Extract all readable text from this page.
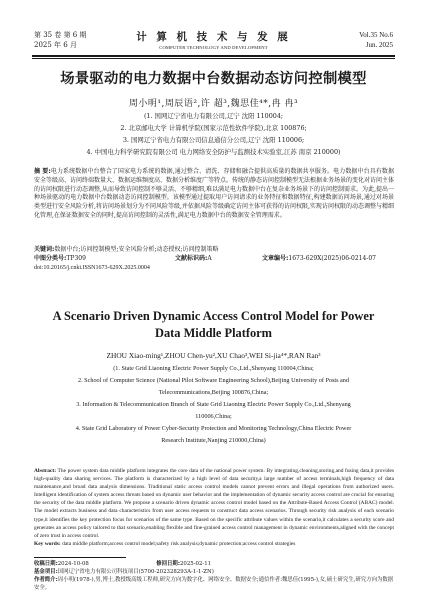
第 35 卷 第 6 期
2025 年 6 月
计 算 机 技 术 与 发 展
COMPUTER TECHNOLOGY AND DEVELOPMENT
Vol.35 No.6
Jun. 2025
场景驱动的电力数据中台数据动态访问控制模型
周小明¹,周辰语²,许 超³,魏思佳⁴*,冉 冉³
(1. 国网辽宁省电力有限公司,辽宁 沈阳 110004;
2. 北京邮电大学 计算机学院(国家示范性软件学院),北京 100876;
3. 国网辽宁省电力有限公司信息通信分公司,辽宁 沈阳 110006;
4. 中国电力科学研究院有限公司 电力网络安全防护与监测技术实验室,江苏 南京 210000)
摘 要:电力系统数据中台整合了国家电力系统的数据,通过整合、清洗、存储和融合提供高质量的数据共享服务。电力数据中台具有数据安全等级高、访问终端数量大、数据运维频度高、数据分析维度广等特点。传统的静态访问控制模型无法根据业务场景的变化对访问主体的访问权限进行动态调整,从而导致访问控制不够灵活、不够精细,难以满足电力数据中台在复杂业务场景下的访问控制需求。为此,提出一种场景驱动的电力数据中台数据动态访问控制模型。该模型通过提取用户访问请求的业务特征和数据特征,构建数据访问场景,通过对场景类型进行安全风险分析,将访问场景划分为不同风险等级,并依据风险等级确定访问主体可获得的访问权限,实现访问权限的动态调整与精细化管理,在保证数据安全的同时,提高访问控制的灵活性,满足电力数据中台的数据安全管理需求。
关键词:数据中台;访问控制模型;安全风险分析;动态授权;访问控制策略
中图分类号:TP309	文献标识码:A	文章编号:1673-629X(2025)06-0214-07
doi:10.20165/j.cnki.ISSN1673-629X.2025.0004
A Scenario Driven Dynamic Access Control Model for Power
Data Middle Platform
ZHOU Xiao-ming¹,ZHOU Chen-yu²,XU Chao³,WEI Si-jia⁴*,RAN Ran³
(1. State Grid Liaoning Electric Power Supply Co.,Ltd.,Shenyang 110004,China;
2. School of Computer Science (National Pilot Software Engineering School),Beijing University of Posts and
Telecommunications,Beijing 100876,China;
3. Information & Telecommunication Branch of State Grid Liaoning Electric Power Supply Co.,Ltd.,Shenyang
110006,China;
4. State Grid Laboratory of Power Cyber-Security Protection and Monitoring Technology,China Electric Power
Research Institute,Nanjing 210000,China)
Abstract: The power system data middle platform integrates the core data of the national power system. By integrating,cleaning,storing,and fusing data,it provides high-quality data sharing services. The platform is characterized by a high level of data security,a large number of access terminals,high frequency of data maintenance,and broad data analysis dimensions. Traditional static access control models cannot prevent errors and illegal operations from authorized users. Intelligent identification of system access threats based on dynamic user behavior and the implementation of dynamic security access control are crucial for ensuring the security of the data middle platform. We propose a scenario driven dynamic access control model based on the Attribute-Based Access Control (ABAC) model. The model extracts business and data characteristics from user access requests to construct data access scenarios. Through security risk analysis of each scenario type,it identifies the key protection focus for scenarios of the same type. Based on the specific attribute values within the scenario,it calculates a security score and generates an access policy tailored to that scenario,enabling flexible and fine-grained access control management in dynamic environments,aligned with the concept of zero trust in access control.
Key words: data middle platform;access control model;safety risk analysis;dynamic protection;access control strategies
收稿日期:2024-10-08	修回日期:2025-02-11
基金项目:国网辽宁省电力有限公司科技项目(5700-202328293A-1-1-ZN)
作者简介:周小明(1978-),男,博士,教授级高级工程师,研究方向为数字化、网络安全、数据安全;通信作者:魏思佳(1995-),女,硕士研究生,研究方向为数据安全。
